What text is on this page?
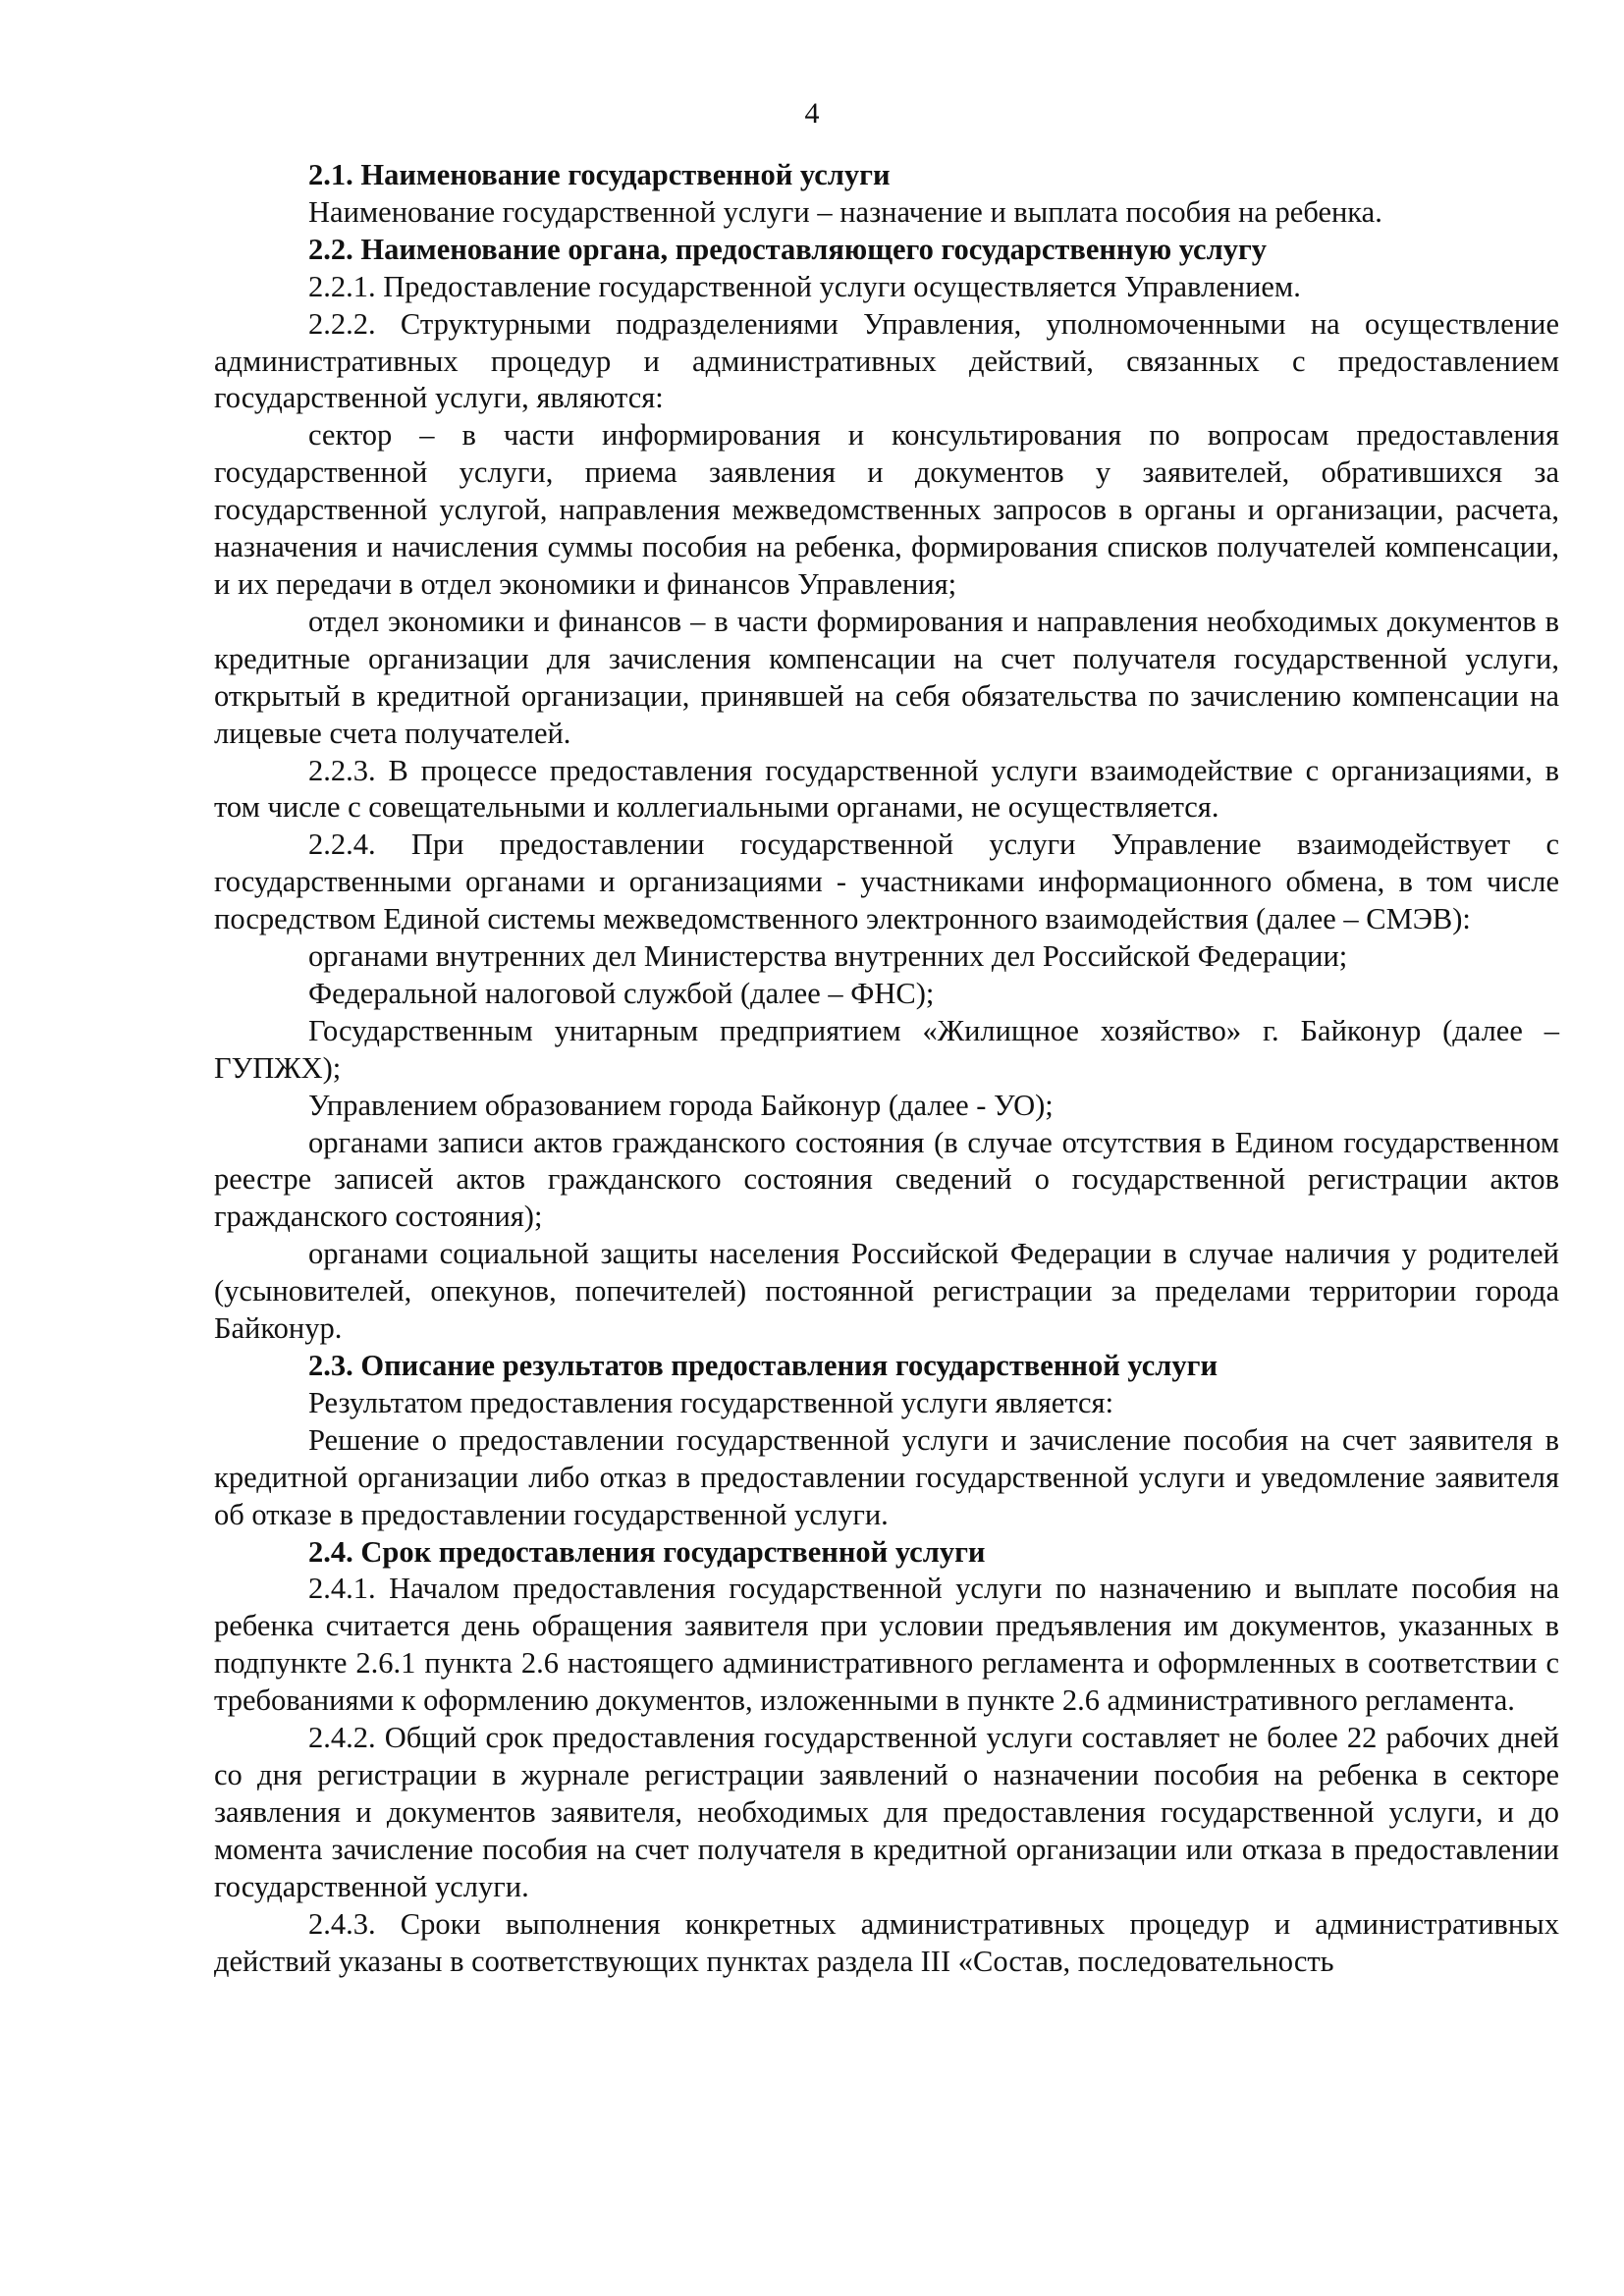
4

2.1. Наименование государственной услуги

Наименование государственной услуги – назначение и выплата пособия на ребенка.

2.2. Наименование органа, предоставляющего государственную услугу

2.2.1. Предоставление государственной услуги осуществляется Управлением.

2.2.2. Структурными подразделениями Управления, уполномоченными на осуществление административных процедур и административных действий, связанных с предоставлением государственной услуги, являются:

сектор – в части информирования и консультирования по вопросам предоставления государственной услуги, приема заявления и документов у заявителей, обратившихся за государственной услугой, направления межведомственных запросов в органы и организации, расчета, назначения и начисления суммы пособия на ребенка, формирования списков получателей компенсации, и их передачи в отдел экономики и финансов Управления;

отдел экономики и финансов – в части формирования и направления необходимых документов в кредитные организации для зачисления компенсации на счет получателя государственной услуги, открытый в кредитной организации, принявшей на себя обязательства по зачислению компенсации на лицевые счета получателей.

2.2.3. В процессе предоставления государственной услуги взаимодействие с организациями, в том числе с совещательными и коллегиальными органами, не осуществляется.

2.2.4. При предоставлении государственной услуги Управление взаимодействует с государственными органами и организациями - участниками информационного обмена, в том числе посредством Единой системы межведомственного электронного взаимодействия (далее – СМЭВ):

органами внутренних дел Министерства внутренних дел Российской Федерации;

Федеральной налоговой службой (далее – ФНС);

Государственным унитарным предприятием «Жилищное хозяйство» г. Байконур (далее – ГУПЖХ);

Управлением образованием города Байконур (далее - УО);

органами записи актов гражданского состояния (в случае отсутствия в Едином государственном реестре записей актов гражданского состояния сведений о государственной регистрации актов гражданского состояния);

органами социальной защиты населения Российской Федерации в случае наличия у родителей (усыновителей, опекунов, попечителей) постоянной регистрации за пределами территории города Байконур.

2.3. Описание результатов предоставления государственной услуги

Результатом предоставления государственной услуги является:

Решение о предоставлении государственной услуги и зачисление пособия на счет заявителя в кредитной организации либо отказ в предоставлении государственной услуги и уведомление заявителя об отказе в предоставлении государственной услуги.

2.4. Срок предоставления государственной услуги

2.4.1. Началом предоставления государственной услуги по назначению и выплате пособия на ребенка считается день обращения заявителя при условии предъявления им документов, указанных в подпункте 2.6.1 пункта 2.6 настоящего административного регламента и оформленных в соответствии с требованиями к оформлению документов, изложенными в пункте 2.6 административного регламента.

2.4.2. Общий срок предоставления государственной услуги составляет не более 22 рабочих дней со дня регистрации в журнале регистрации заявлений о назначении пособия на ребенка в секторе заявления и документов заявителя, необходимых для предоставления государственной услуги, и до момента зачисление пособия на счет получателя в кредитной организации или отказа в предоставлении государственной услуги.

2.4.3. Сроки выполнения конкретных административных процедур и административных действий указаны в соответствующих пунктах раздела III «Состав, последовательность
